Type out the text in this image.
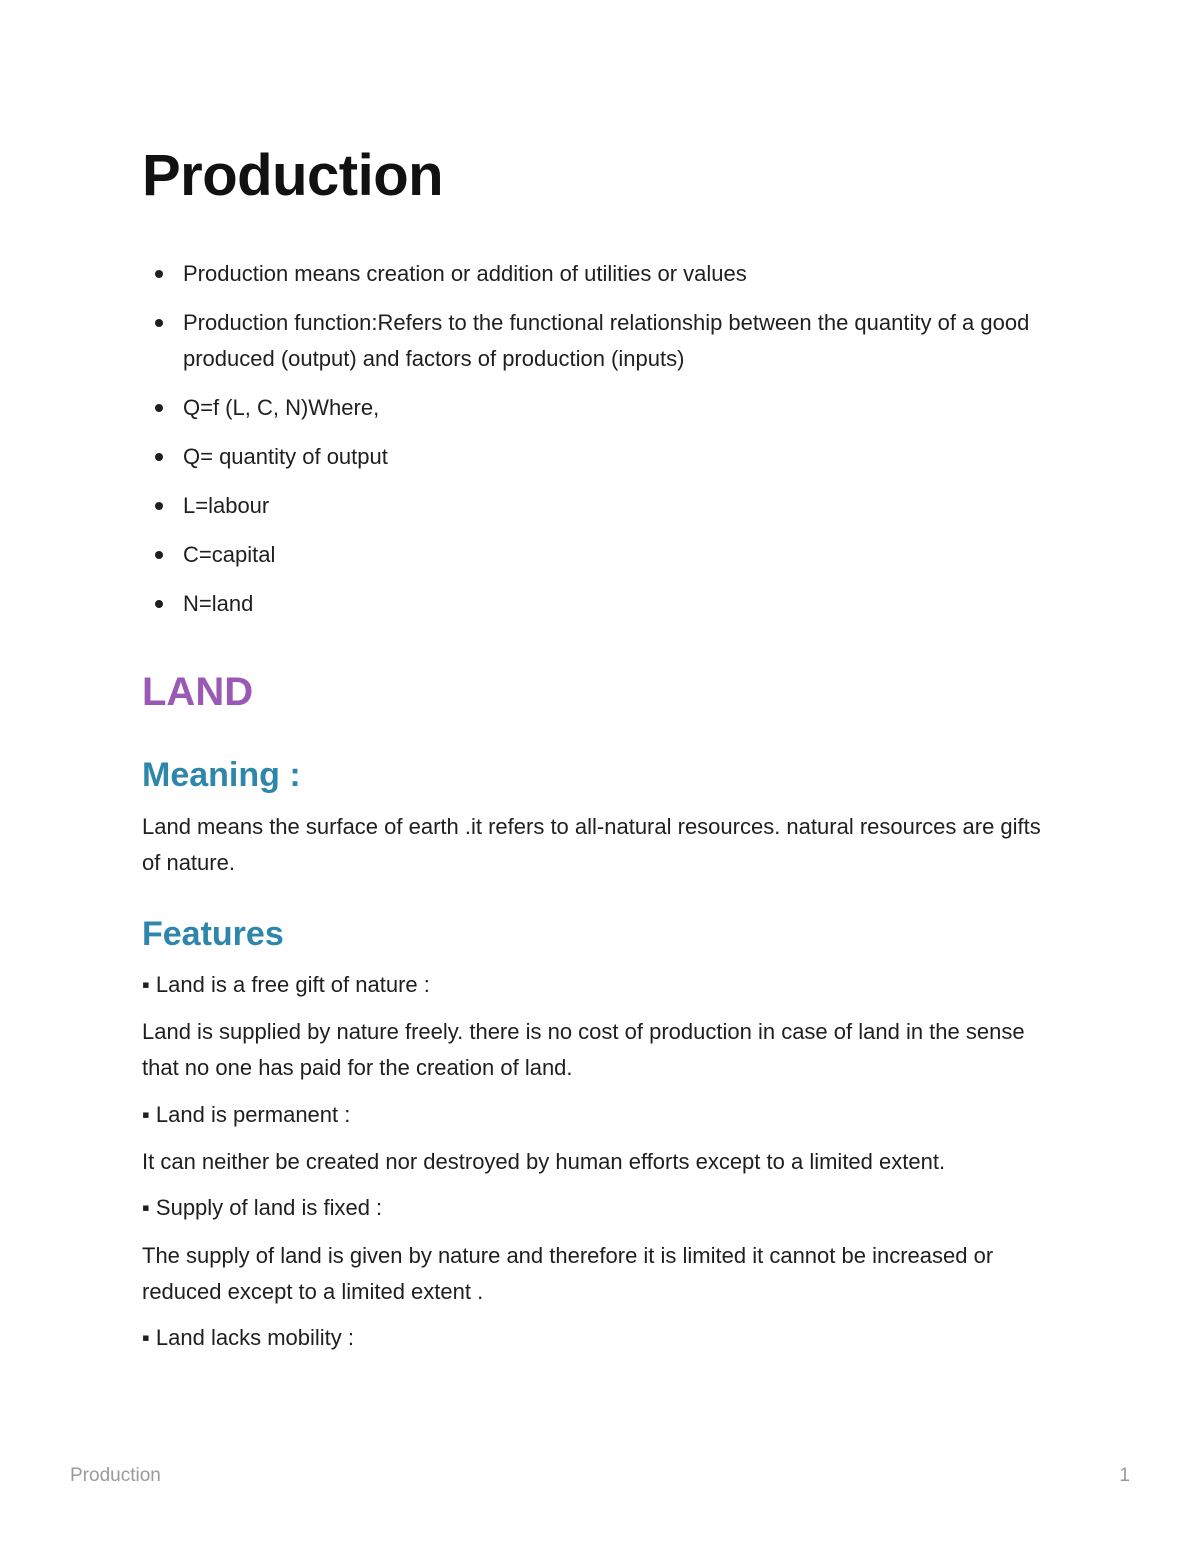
Production
Production means creation or addition of utilities or values
Production function:Refers to the functional relationship between the quantity of a good produced (output) and factors of production (inputs)
Q=f (L, C, N)Where,
Q= quantity of output
L=labour
C=capital
N=land
LAND
Meaning :

Land means the surface of earth .it refers to all-natural resources. natural resources are gifts of nature.

Features

▪ Land is a free gift of nature :

Land is supplied by nature freely. there is no cost of production in case of land in the sense that no one has paid for the creation of land.

▪ Land is permanent :

It can neither be created nor destroyed by human efforts except to a limited extent.

▪ Supply of land is fixed :

The supply of land is given by nature and therefore it is limited it cannot be increased or reduced except to a limited extent .

▪ Land lacks mobility :

Production	1
